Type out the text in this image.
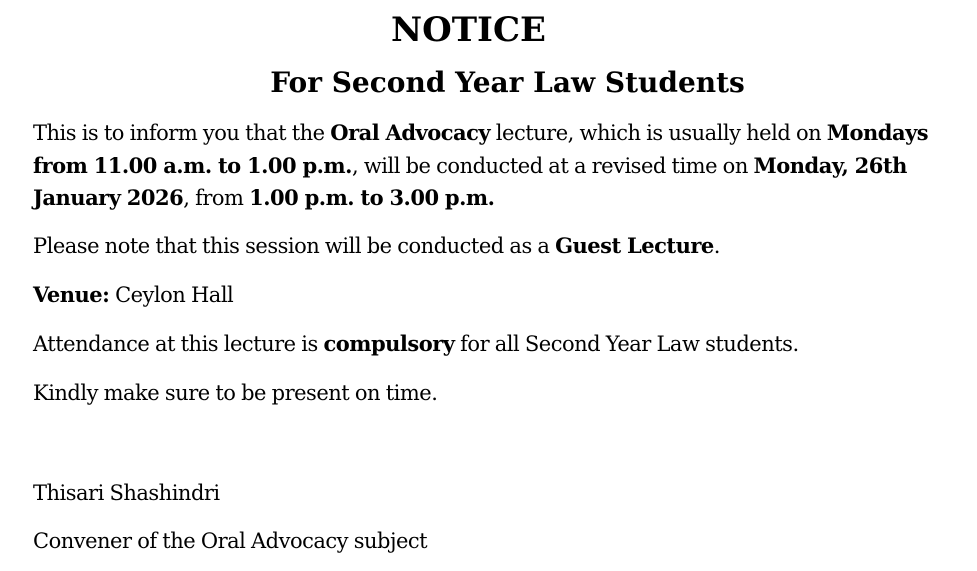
NOTICE
For Second Year Law Students

This is to inform you that the Oral Advocacy lecture, which is usually held on Mondays from 11.00 a.m. to 1.00 p.m., will be conducted at a revised time on Monday, 26th January 2026, from 1.00 p.m. to 3.00 p.m.

Please note that this session will be conducted as a Guest Lecture.

Venue: Ceylon Hall

Attendance at this lecture is compulsory for all Second Year Law students.

Kindly make sure to be present on time.

Thisari Shashindri

Convener of the Oral Advocacy subject
